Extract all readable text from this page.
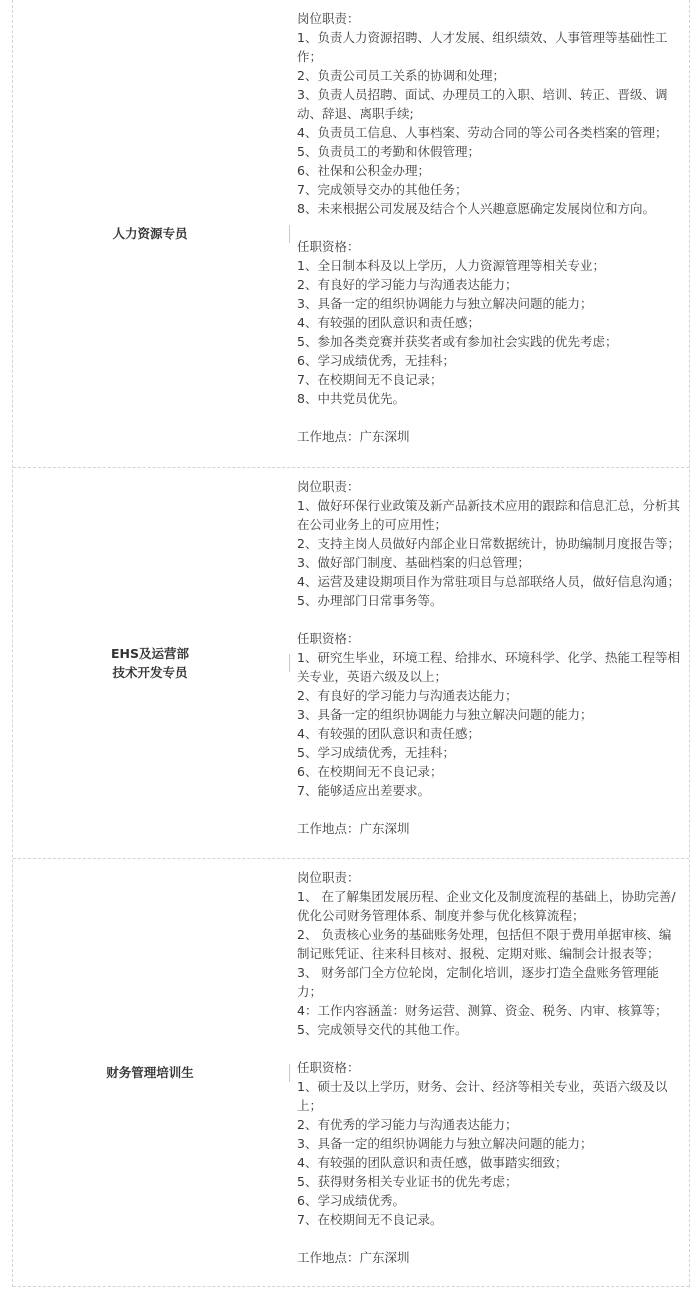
人力资源专员

岗位职责：

1、负责人力资源招聘、人才发展、组织绩效、人事管理等基础性工作；

2、负责公司员工关系的协调和处理；

3、负责人员招聘、面试、办理员工的入职、培训、转正、晋级、调动、辞退、离职手续;

4、负责员工信息、人事档案、劳动合同的等公司各类档案的管理；

5、负责员工的考勤和休假管理；

6、社保和公积金办理；

7、完成领导交办的其他任务；

8、未来根据公司发展及结合个人兴趣意愿确定发展岗位和方向。

任职资格：

1、全日制本科及以上学历，人力资源管理等相关专业；

2、有良好的学习能力与沟通表达能力；

3、具备一定的组织协调能力与独立解决问题的能力；

4、有较强的团队意识和责任感；

5、参加各类竞赛并获奖者或有参加社会实践的优先考虑；

6、学习成绩优秀，无挂科；

7、在校期间无不良记录；

8、中共党员优先。

工作地点：广东深圳

EHS及运营部
技术开发专员

岗位职责：

1、做好环保行业政策及新产品新技术应用的跟踪和信息汇总，分析其在公司业务上的可应用性；

2、支持主岗人员做好内部企业日常数据统计，协助编制月度报告等；

3、做好部门制度、基础档案的归总管理；

4、运营及建设期项目作为常驻项目与总部联络人员，做好信息沟通；

5、办理部门日常事务等。

任职资格：

1、研究生毕业，环境工程、给排水、环境科学、化学、热能工程等相关专业，英语六级及以上；

2、有良好的学习能力与沟通表达能力；

3、具备一定的组织协调能力与独立解决问题的能力；

4、有较强的团队意识和责任感；

5、学习成绩优秀，无挂科；

6、在校期间无不良记录；

7、能够适应出差要求。

工作地点：广东深圳

财务管理培训生

岗位职责：

1、 在了解集团发展历程、企业文化及制度流程的基础上，协助完善/优化公司财务管理体系、制度并参与优化核算流程；

2、 负责核心业务的基础账务处理，包括但不限于费用单据审核、编制记账凭证、往来科目核对、报税、定期对账、编制会计报表等；

3、 财务部门全方位轮岗，定制化培训，逐步打造全盘账务管理能力；

4：工作内容涵盖：财务运营、测算、资金、税务、内审、核算等；

5、完成领导交代的其他工作。

任职资格：

1、硕士及以上学历，财务、会计、经济等相关专业，英语六级及以上；

2、有优秀的学习能力与沟通表达能力；

3、具备一定的组织协调能力与独立解决问题的能力；

4、有较强的团队意识和责任感，做事踏实细致；

5、获得财务相关专业证书的优先考虑；

6、学习成绩优秀。

7、在校期间无不良记录。

工作地点：广东深圳
